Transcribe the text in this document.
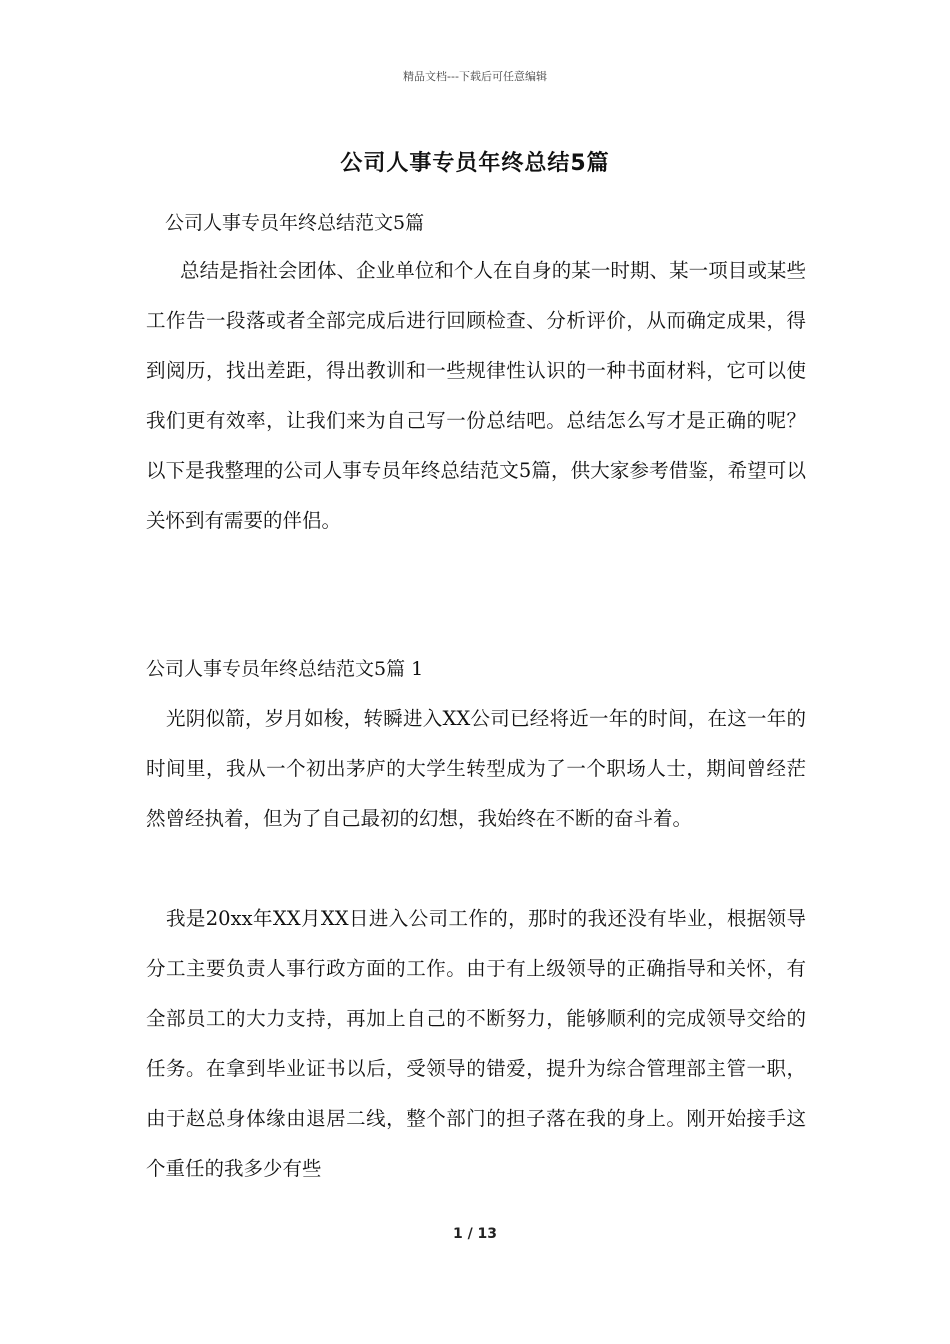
精品文档---下载后可任意编辑
公司人事专员年终总结5篇
公司人事专员年终总结范文5篇

总结是指社会团体、企业单位和个人在自身的某一时期、某一项目或某些工作告一段落或者全部完成后进行回顾检查、分析评价，从而确定成果，得到阅历，找出差距，得出教训和一些规律性认识的一种书面材料，它可以使我们更有效率，让我们来为自己写一份总结吧。总结怎么写才是正确的呢？以下是我整理的公司人事专员年终总结范文5篇，供大家参考借鉴，希望可以关怀到有需要的伴侣。

公司人事专员年终总结范文5篇 1

光阴似箭，岁月如梭，转瞬进入XX公司已经将近一年的时间，在这一年的时间里，我从一个初出茅庐的大学生转型成为了一个职场人士，期间曾经茫然曾经执着，但为了自己最初的幻想，我始终在不断的奋斗着。

我是20xx年XX月XX日进入公司工作的，那时的我还没有毕业，根据领导分工主要负责人事行政方面的工作。由于有上级领导的正确指导和关怀，有全部员工的大力支持，再加上自己的不断努力，能够顺利的完成领导交给的任务。在拿到毕业证书以后，受领导的错爱，提升为综合管理部主管一职，由于赵总身体缘由退居二线，整个部门的担子落在我的身上。刚开始接手这个重任的我多少有些

1 / 13
